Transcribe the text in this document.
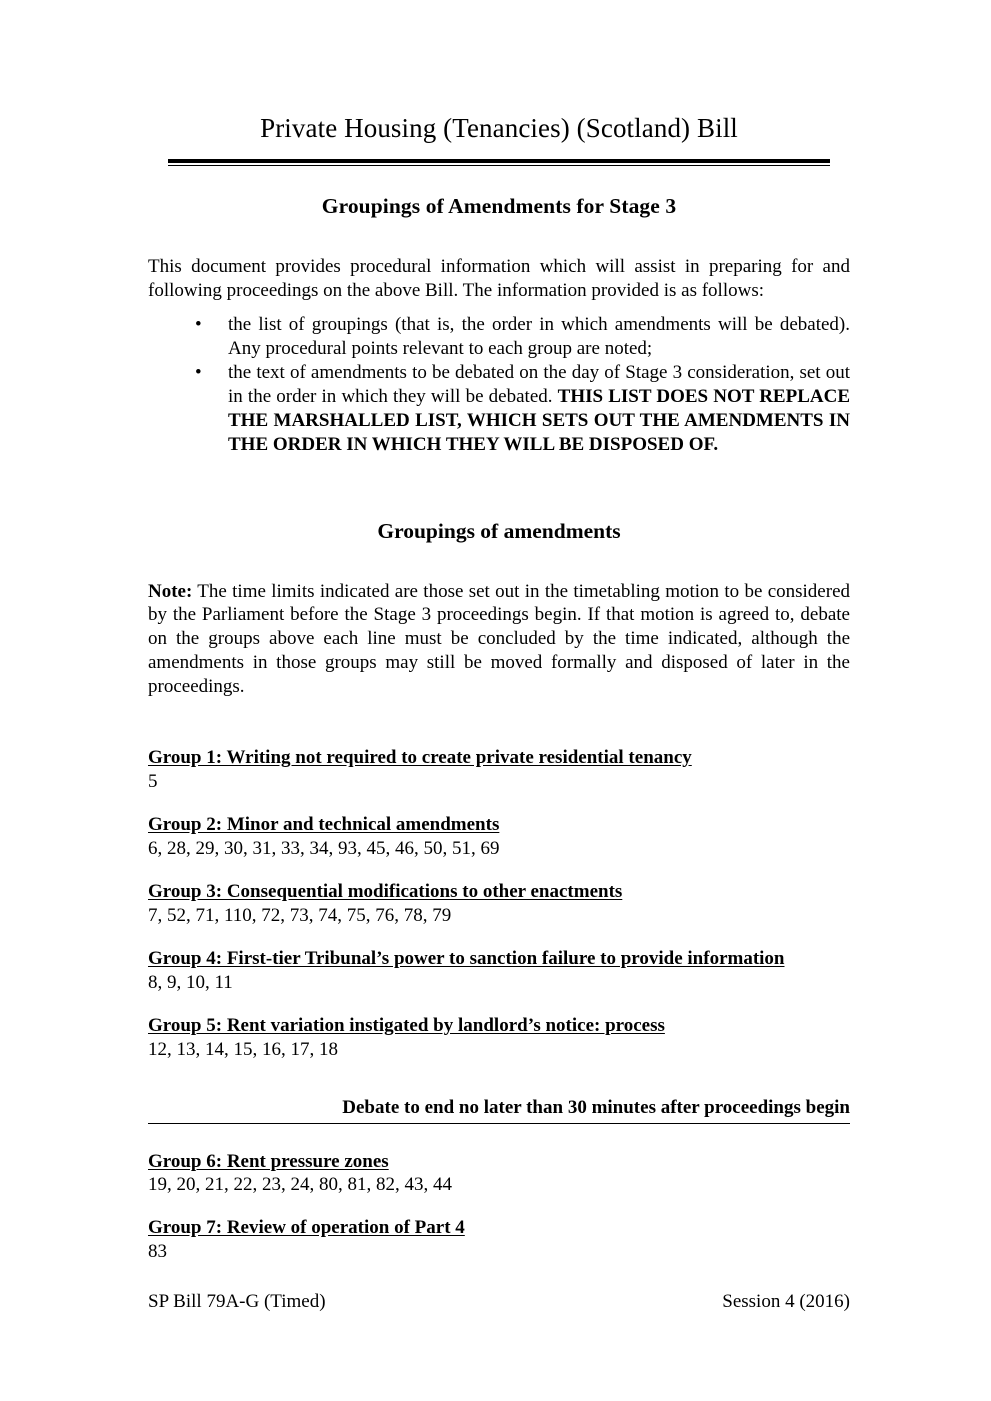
Private Housing (Tenancies) (Scotland) Bill
Groupings of Amendments for Stage 3

This document provides procedural information which will assist in preparing for and following proceedings on the above Bill. The information provided is as follows:

• the list of groupings (that is, the order in which amendments will be debated). Any procedural points relevant to each group are noted;
• the text of amendments to be debated on the day of Stage 3 consideration, set out in the order in which they will be debated. THIS LIST DOES NOT REPLACE THE MARSHALLED LIST, WHICH SETS OUT THE AMENDMENTS IN THE ORDER IN WHICH THEY WILL BE DISPOSED OF.
Groupings of amendments

Note: The time limits indicated are those set out in the timetabling motion to be considered by the Parliament before the Stage 3 proceedings begin. If that motion is agreed to, debate on the groups above each line must be concluded by the time indicated, although the amendments in those groups may still be moved formally and disposed of later in the proceedings.

Group 1: Writing not required to create private residential tenancy

5

Group 2: Minor and technical amendments

6, 28, 29, 30, 31, 33, 34, 93, 45, 46, 50, 51, 69

Group 3: Consequential modifications to other enactments

7, 52, 71, 110, 72, 73, 74, 75, 76, 78, 79

Group 4: First-tier Tribunal’s power to sanction failure to provide information

8, 9, 10, 11

Group 5: Rent variation instigated by landlord’s notice: process

12, 13, 14, 15, 16, 17, 18

Debate to end no later than 30 minutes after proceedings begin

Group 6: Rent pressure zones

19, 20, 21, 22, 23, 24, 80, 81, 82, 43, 44

Group 7: Review of operation of Part 4

83

SP Bill 79A-G (Timed)	Session 4 (2016)
